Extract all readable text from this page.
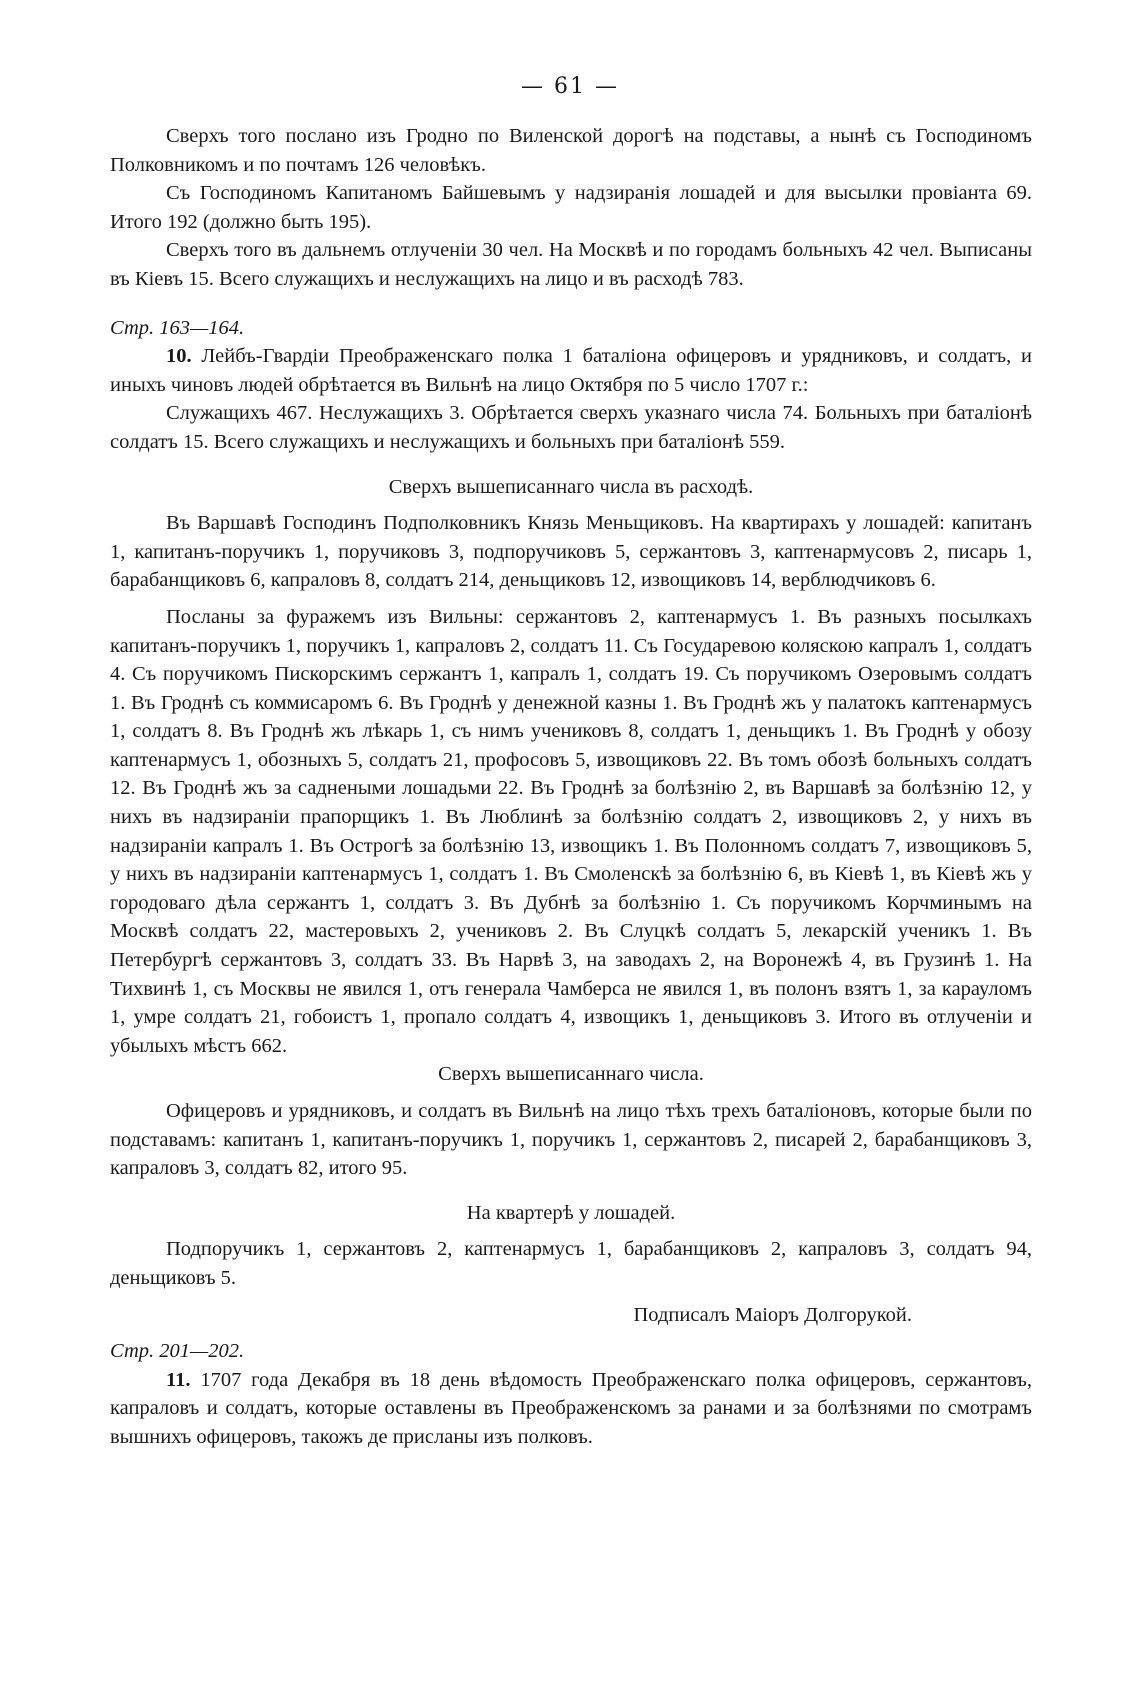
— 61 —

Сверхъ того послано изъ Гродно по Виленской дорогѣ на подставы, а нынѣ съ Господиномъ Полковникомъ и по почтамъ 126 человѣкъ.

Съ Господиномъ Капитаномъ Байшевымъ у надзиранія лошадей и для высылки провіанта 69. Итого 192 (должно быть 195).

Сверхъ того въ дальнемъ отлученіи 30 чел. На Москвѣ и по городамъ больныхъ 42 чел. Выписаны въ Кіевъ 15. Всего служащихъ и неслужащихъ на лицо и въ расходѣ 783.

Стр. 163—164.

10. Лейбъ-Гвардіи Преображенскаго полка 1 баталіона офицеровъ и урядниковъ, и солдатъ, и иныхъ чиновъ людей обрѣтается въ Вильнѣ на лицо Октября по 5 число 1707 г.:

Служащихъ 467. Неслужащихъ 3. Обрѣтается сверхъ указнаго числа 74. Больныхъ при баталіонѣ солдатъ 15. Всего служащихъ и неслужащихъ и больныхъ при баталіонѣ 559.

Сверхъ вышеписаннаго числа въ расходѣ.

Въ Варшавѣ Господинъ Подполковникъ Князь Меньщиковъ. На квартирахъ у лошадей: капитанъ 1, капитанъ-поручикъ 1, поручиковъ 3, подпоручиковъ 5, сержантовъ 3, каптенармусовъ 2, писарь 1, барабанщиковъ 6, капраловъ 8, солдатъ 214, деньщиковъ 12, извощиковъ 14, верблюдчиковъ 6.

Посланы за фуражемъ изъ Вильны: сержантовъ 2, каптенармусъ 1. Въ разныхъ посылкахъ капитанъ-поручикъ 1, поручикъ 1, капраловъ 2, солдатъ 11. Съ Государевою коляскою капралъ 1, солдатъ 4. Съ поручикомъ Пискорскимъ сержантъ 1, капралъ 1, солдатъ 19. Съ поручикомъ Озеровымъ солдатъ 1. Въ Гроднѣ съ коммисаромъ 6. Въ Гроднѣ у денежной казны 1. Въ Гроднѣ жъ у палатокъ каптенармусъ 1, солдатъ 8. Въ Гроднѣ жъ лѣкарь 1, съ нимъ учениковъ 8, солдатъ 1, деньщикъ 1. Въ Гроднѣ у обозу каптенармусъ 1, обозныхъ 5, солдатъ 21, профосовъ 5, извощиковъ 22. Въ томъ обозѣ больныхъ солдатъ 12. Въ Гроднѣ жъ за саднеными лошадьми 22. Въ Гроднѣ за болѣзнію 2, въ Варшавѣ за болѣзнію 12, у нихъ въ надзираніи прапорщикъ 1. Въ Люблинѣ за болѣзнію солдатъ 2, извощиковъ 2, у нихъ въ надзираніи капралъ 1. Въ Острогѣ за болѣзнію 13, извощикъ 1. Въ Полонномъ солдатъ 7, извощиковъ 5, у нихъ въ надзираніи каптенармусъ 1, солдатъ 1. Въ Смоленскѣ за болѣзнію 6, въ Кіевѣ 1, въ Кіевѣ жъ у городоваго дѣла сержантъ 1, солдатъ 3. Въ Дубнѣ за болѣзнію 1. Съ поручикомъ Корчминымъ на Москвѣ солдатъ 22, мастеровыхъ 2, учениковъ 2. Въ Слуцкѣ солдатъ 5, лекарскій ученикъ 1. Въ Петербургѣ сержантовъ 3, солдатъ 33. Въ Нарвѣ 3, на заводахъ 2, на Воронежѣ 4, въ Грузинѣ 1. На Тихвинѣ 1, съ Москвы не явился 1, отъ генерала Чамберса не явился 1, въ полонъ взятъ 1, за карауломъ 1, умре солдатъ 21, гобоистъ 1, пропало солдатъ 4, извощикъ 1, деньщиковъ 3. Итого въ отлученіи и убылыхъ мѣстъ 662.

Сверхъ вышеписаннаго числа.

Офицеровъ и урядниковъ, и солдатъ въ Вильнѣ на лицо тѣхъ трехъ баталіоновъ, которые были по подставамъ: капитанъ 1, капитанъ-поручикъ 1, поручикъ 1, сержантовъ 2, писарей 2, барабанщиковъ 3, капраловъ 3, солдатъ 82, итого 95.

На квартерѣ у лошадей.

Подпоручикъ 1, сержантовъ 2, каптенармусъ 1, барабанщиковъ 2, капраловъ 3, солдатъ 94, деньщиковъ 5.

Подписалъ Маіоръ Долгорукой.

Стр. 201—202.

11. 1707 года Декабря въ 18 день вѣдомость Преображенскаго полка офицеровъ, сержантовъ, капраловъ и солдатъ, которые оставлены въ Преображенскомъ за ранами и за болѣзнями по смотрамъ вышнихъ офицеровъ, такожъ де присланы изъ полковъ.
